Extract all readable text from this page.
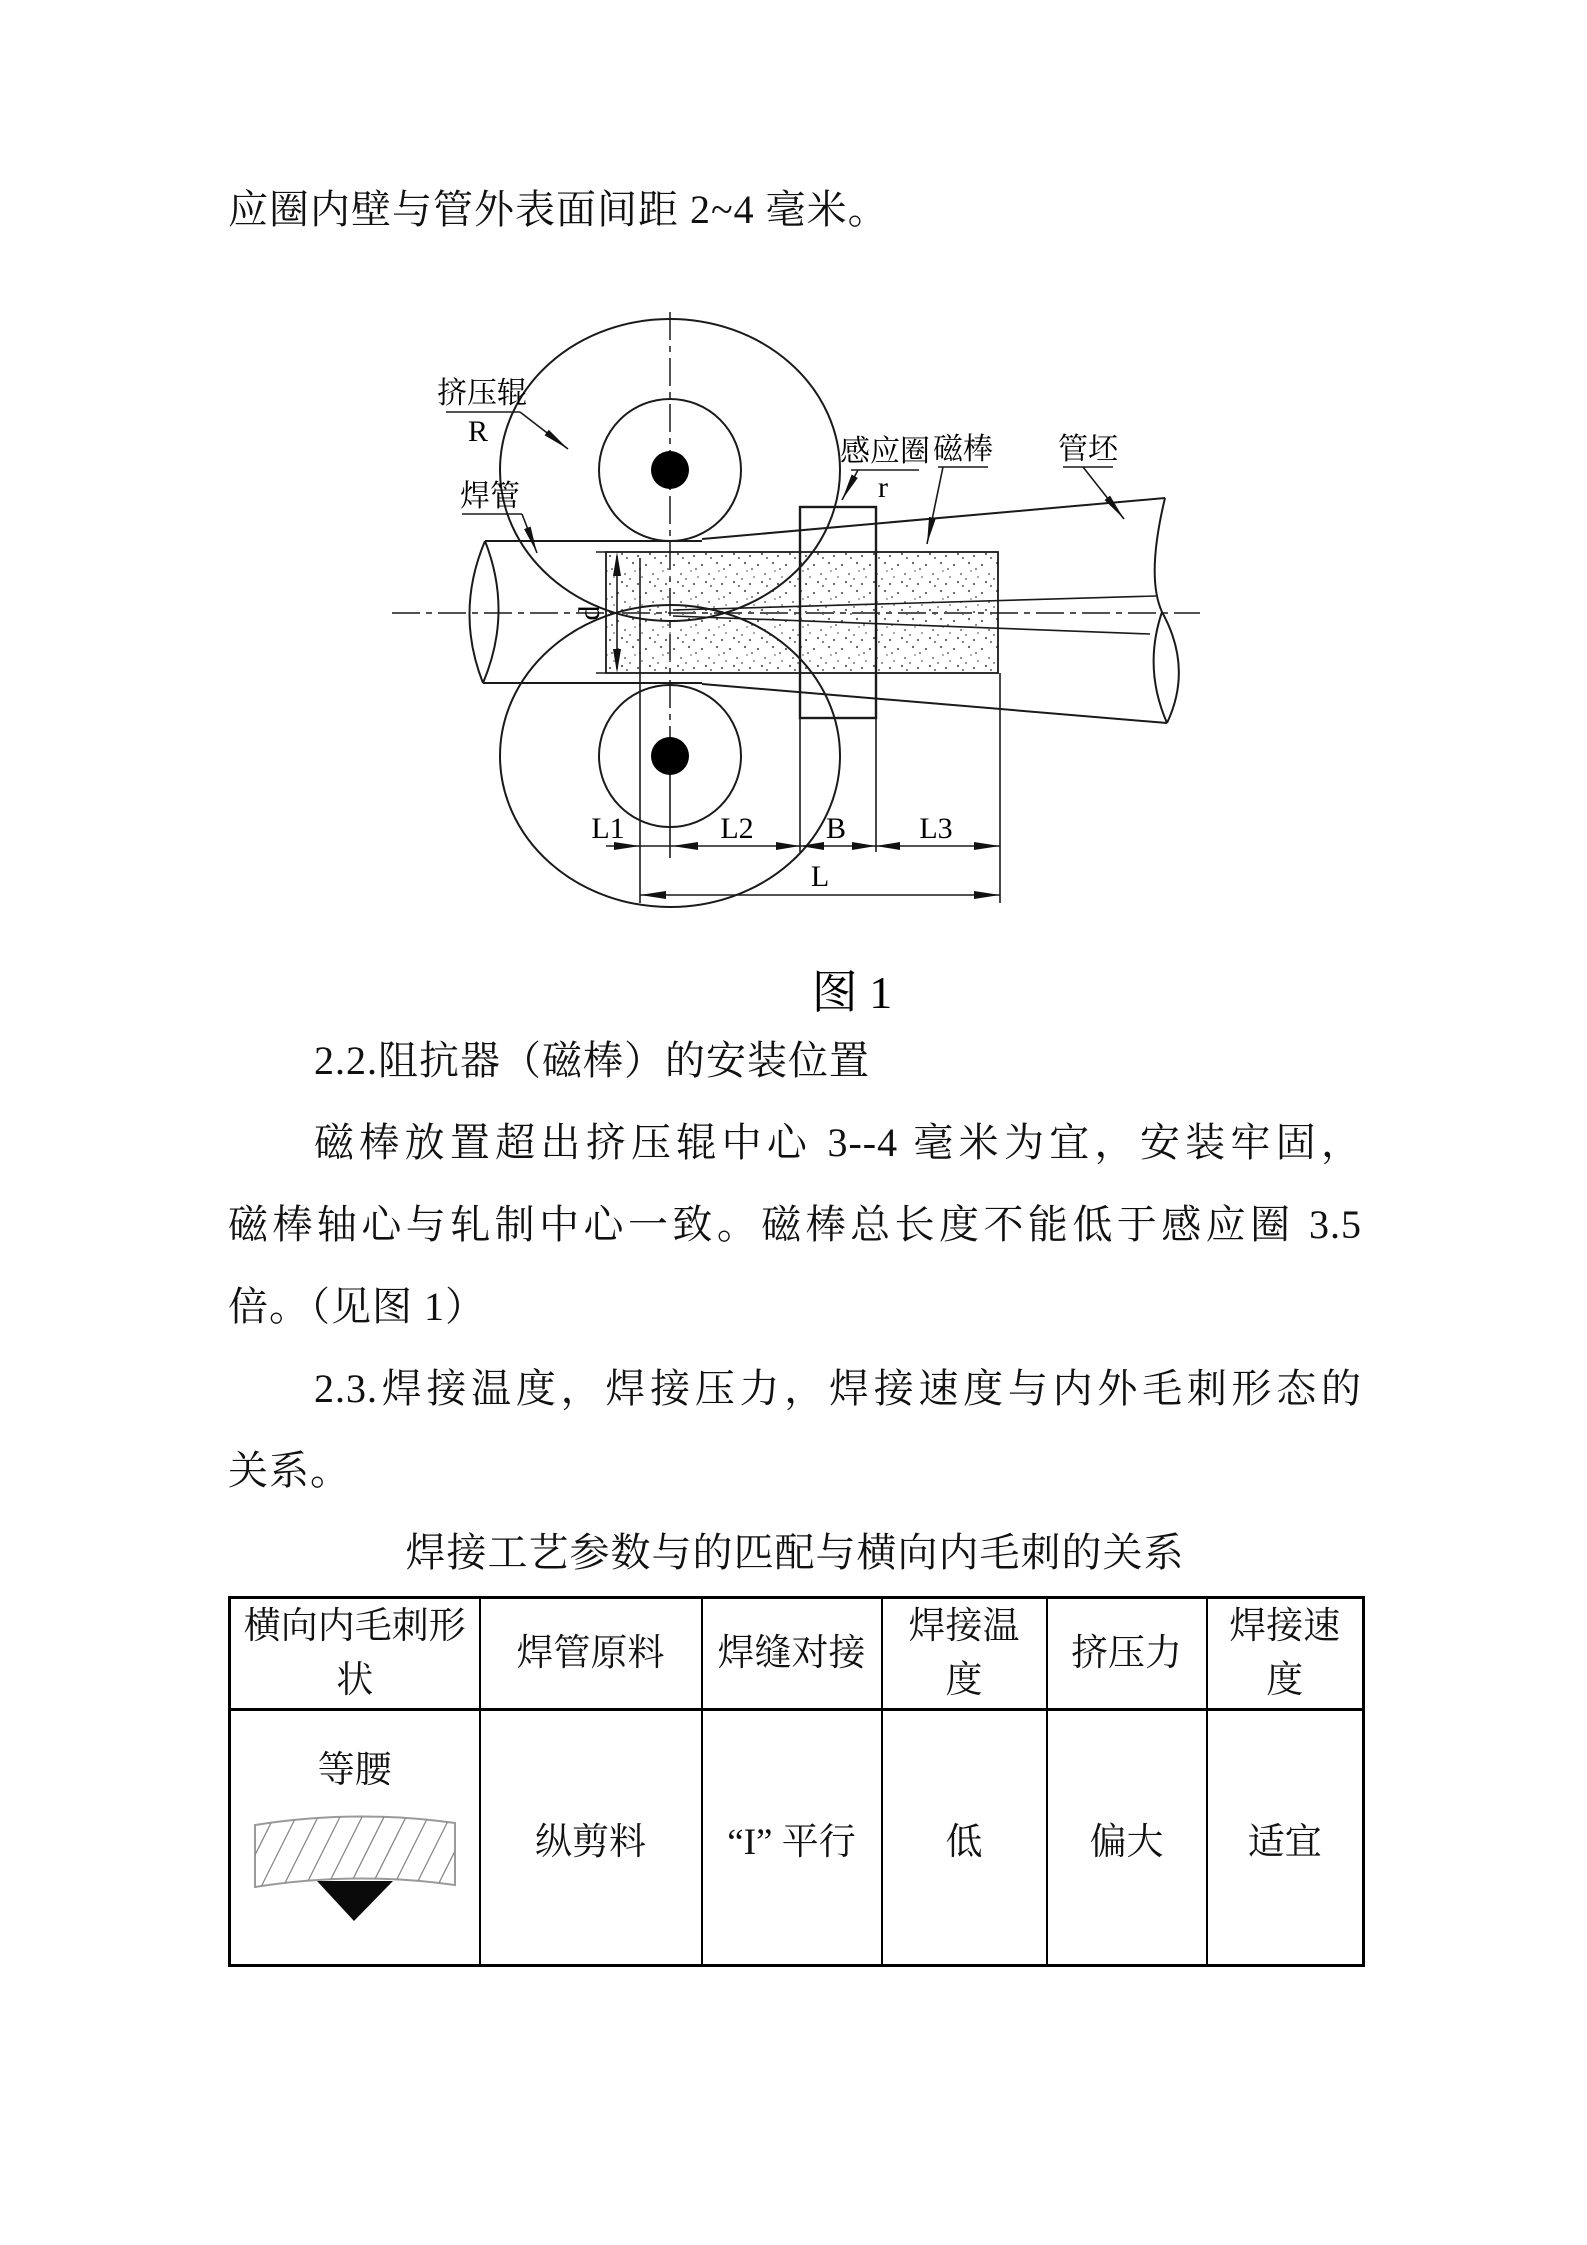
应圈内壁与管外表面间距 2~4 毫米。
d
L1	L2 B L3
L
挤压辊
R
焊管
感应圈
r
磁棒 管坯
图 1
2.2.阻抗器（磁棒）的安装位置
磁棒放置超出挤压辊中心 3--4 毫米为宜，安装牢固，
磁棒轴心与轧制中心一致。磁棒总长度不能低于感应圈 3.5
倍。（见图 1）
2.3.焊接温度，焊接压力，焊接速度与内外毛刺形态的
关系。
焊接工艺参数与的匹配与横向内毛刺的关系
横向内毛刺形状	焊管原料	焊缝对接	焊接温度	挤压力	焊接速度

等腰	纵剪料	“I” 平行	低	偏大	适宜
